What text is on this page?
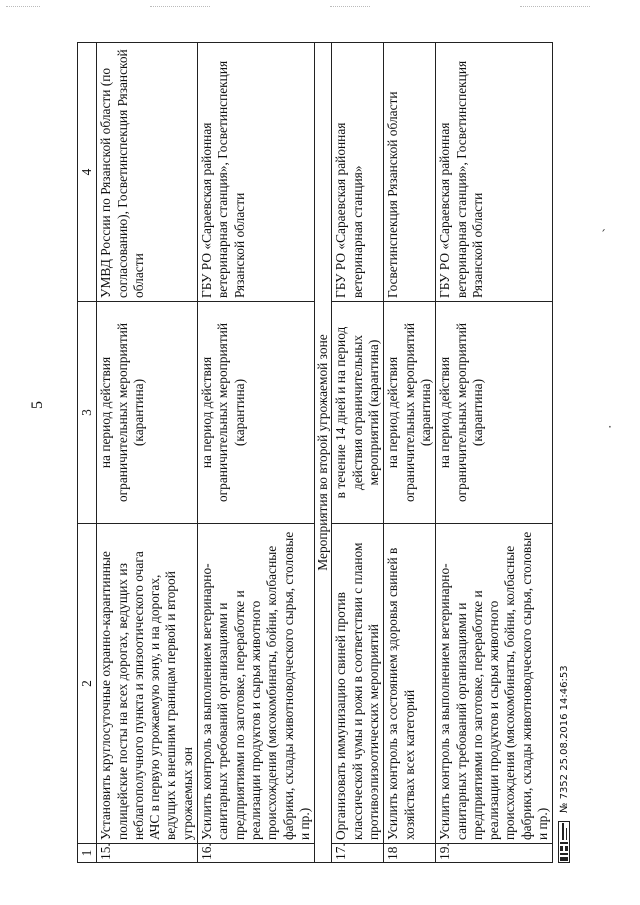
5
ˊ
·
1	2	3	4
15.	Установить круглосуточные охранно-карантинные полицейские посты на всех дорогах, ведущих из неблагополучного пункта и эпизоотического очага АЧС в первую угрожаемую зону, и на дорогах, ведущих к внешним границам первой и второй угрожаемых зон	на период действия ограничительных мероприятий (карантина)	УМВД России по Рязанской области (по согласованию), Госветинспекция Рязанской области
16.	Усилить контроль за выполнением ветеринарно-санитарных требований организациями и предприятиями по заготовке, переработке и реализации продуктов и сырья животного происхождения (мясокомбинаты, бойни, колбасные фабрики, склады животноводческого сырья, столовые и пр.)	на период действия ограничительных мероприятий (карантина)	ГБУ РО «Сараевская районная ветеринарная станция», Госветинспекция Рязанской области
Мероприятия во второй угрожаемой зоне			
17.	Организовать иммунизацию свиней против классической чумы и рожи в соответствии с планом противоэпизоотических мероприятий	в течение 14 дней и на период действия ограничительных мероприятий (карантина)	ГБУ РО «Сараевская районная ветеринарная станция»
18	Усилить контроль за состоянием здоровья свиней в хозяйствах всех категорий	на период действия ограничительных мероприятий (карантина)	Госветинспекция Рязанской области
19.	Усилить контроль за выполнением ветеринарно-санитарных требований организациями и предприятиями по заготовке, переработке и реализации продуктов и сырья животного происхождения (мясокомбинаты, бойни, колбасные фабрики, склады животноводческого сырья, столовые и пр.)	на период действия ограничительных мероприятий (карантина)	ГБУ РО «Сараевская районная ветеринарная станция», Госветинспекция Рязанской области
№ 7352 25.08.2016 14:46:53
